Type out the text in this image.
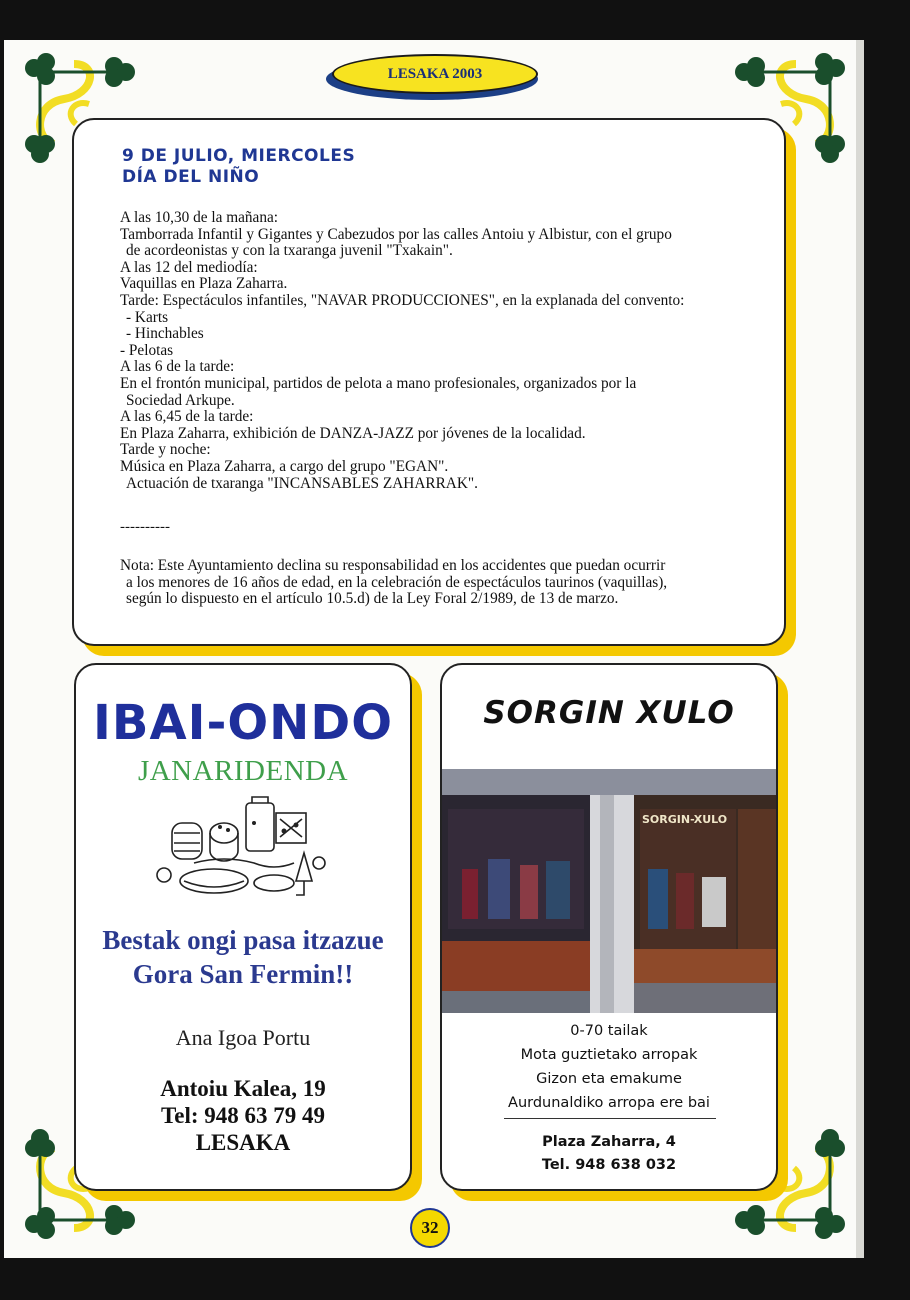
LESAKA 2003
9 DE JULIO, MIERCOLES
DÍA DEL NIÑO
A las 10,30 de la mañana:
Tamborrada Infantil y Gigantes y Cabezudos por las calles Antoiu y Albistur, con el grupo
de acordeonistas y con la txaranga juvenil "Txakain".
A las 12 del mediodía:
Vaquillas en Plaza Zaharra.
Tarde: Espectáculos infantiles, "NAVAR PRODUCCIONES", en la explanada del convento:
- Karts
- Hinchables
- Pelotas
A las 6 de la tarde:
En el frontón municipal, partidos de pelota a mano profesionales, organizados por la
Sociedad Arkupe.
A las 6,45 de la tarde:
En Plaza Zaharra, exhibición de DANZA-JAZZ por jóvenes de la localidad.
Tarde y noche:
Música en Plaza Zaharra, a cargo del grupo "EGAN".
Actuación de txaranga "INCANSABLES ZAHARRAK".
----------
Nota: Este Ayuntamiento declina su responsabilidad en los accidentes que puedan ocurrir
a los menores de 16 años de edad, en la celebración de espectáculos taurinos (vaquillas),
según lo dispuesto en el artículo 10.5.d) de la Ley Foral 2/1989, de 13 de marzo.
IBAI-ONDO
JANARIDENDA
Bestak ongi pasa itzazue
Gora San Fermin!!
Ana Igoa Portu
Antoiu Kalea, 19
Tel: 948 63 79 49
LESAKA
SORGIN XULO
SORGIN-XULO
0-70 tailak
Mota guztietako arropak
Gizon eta emakume
Aurdunaldiko arropa ere bai
Plaza Zaharra, 4
Tel. 948 638 032
32
